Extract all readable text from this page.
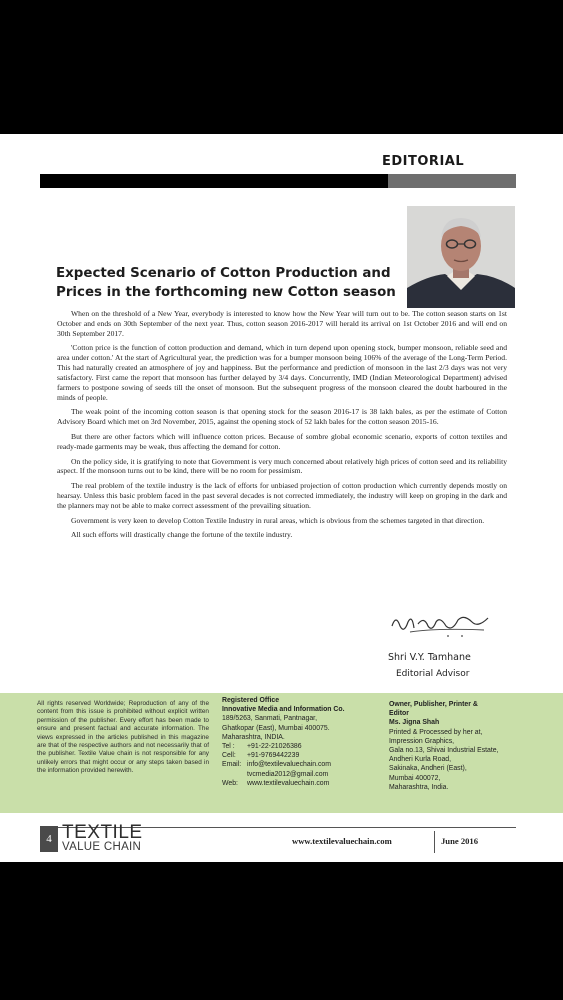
EDITORIAL
Expected Scenario of Cotton Production and
Prices in the forthcoming new Cotton season

When on the threshold of a New Year, everybody is interested to know how the New Year will turn out to be. The cotton season starts on 1st October and ends on 30th September of the next year. Thus, cotton season 2016-2017 will herald its arrival on 1st October 2016 and will end on 30th September 2017.

'Cotton price is the function of cotton production and demand, which in turn depend upon opening stock, bumper monsoon, reliable seed and area under cotton.' At the start of Agricultural year, the prediction was for a bumper monsoon being 106% of the average of the Long-Term Period. This had naturally created an atmosphere of joy and happiness. But the performance and prediction of monsoon in the last 2/3 days was not very satisfactory. First came the report that monsoon has further delayed by 3/4 days. Concurrently, IMD (Indian Meteorological Department) advised farmers to postpone sowing of seeds till the onset of monsoon. But the subsequent progress of the monsoon cleared the doubt harboured in the minds of people.

The weak point of the incoming cotton season is that opening stock for the season 2016-17 is 38 lakh bales, as per the estimate of Cotton Advisory Board which met on 3rd November, 2015, against the opening stock of 52 lakh bales for the cotton season 2015-16.

But there are other factors which will influence cotton prices. Because of sombre global economic scenario, exports of cotton textiles and ready-made garments may be weak, thus affecting the demand for cotton.

On the policy side, it is gratifying to note that Government is very much concerned about relatively high prices of cotton seed and its reliability aspect. If the monsoon turns out to be kind, there will be no room for pessimism.

The real problem of the textile industry is the lack of efforts for unbiased projection of cotton production which currently depends mostly on hearsay. Unless this basic problem faced in the past several decades is not corrected immediately, the industry will keep on groping in the dark and the planners may not be able to make correct assessment of the prevailing situation.

Government is very keen to develop Cotton Textile Industry in rural areas, which is obvious from the schemes targeted in that direction.

All such efforts will drastically change the fortune of the textile industry.

Shri V.Y. Tamhane
Editorial Advisor
All rights reserved Worldwide; Reproduction of any of the content from this issue is prohibited without explicit written permission of the publisher. Every effort has been made to ensure and present factual and accurate information. The views expressed in the articles published in this magazine are that of the respective authors and not necessarily that of the publisher. Textile Value chain is not responsible for any unlikely errors that might occur or any steps taken based in the information provided herewith.
Registered Office
Innovative Media and Information Co.
189/5263, Sanmati, Pantnagar,
Ghatkopar (East), Mumbai 400075.
Maharashtra, INDIA.
Tel :	+91-22-21026386
Cell:	+91-9769442239
Email: info@textilevaluechain.com
tvcmedia2012@gmail.com
Web:	www.textilevaluechain.com
Owner, Publisher, Printer &
Editor
Ms. Jigna Shah
Printed & Processed by her at,
Impression Graphics,
Gala no.13, Shivai Industrial Estate,
Andheri Kurla Road,
Sakinaka, Andheri (East),
Mumbai 400072,
Maharashtra, India.
4 TEXTILE
VALUE CHAIN	www.textilevaluechain.com	June 2016
